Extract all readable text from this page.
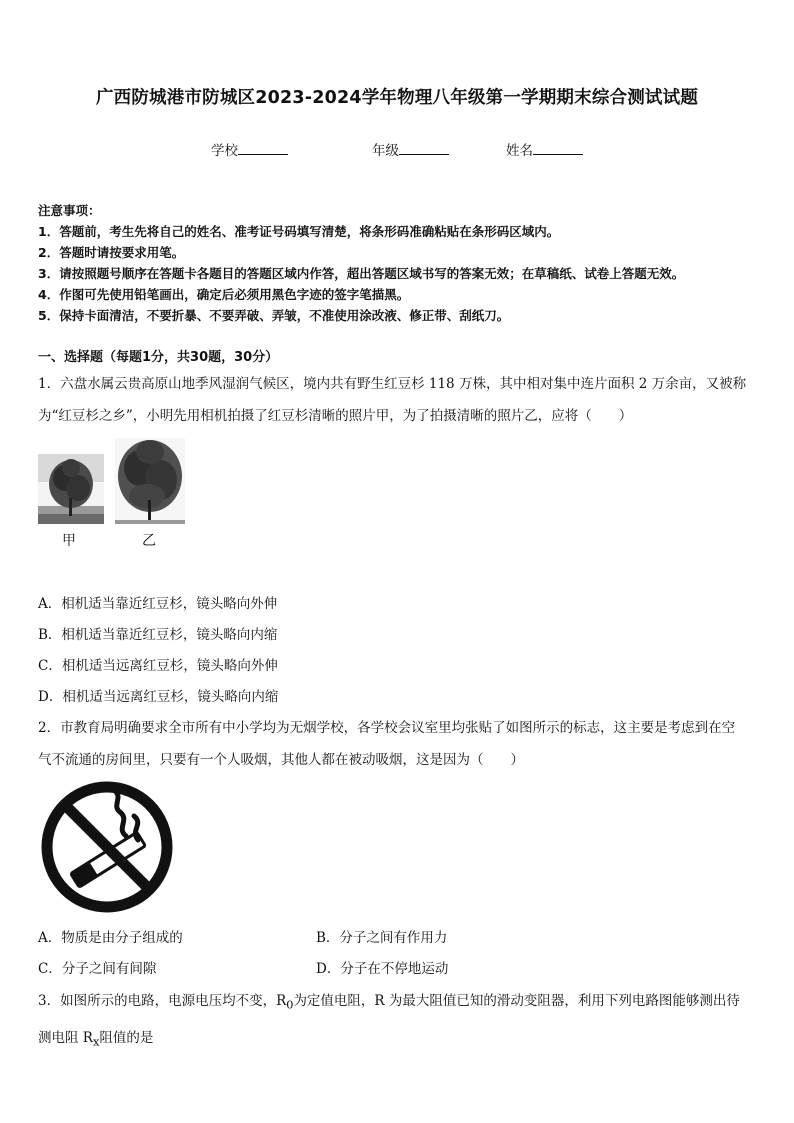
广西防城港市防城区2023-2024学年物理八年级第一学期期末综合测试试题
学校	年级	姓名
注意事项：
1．答题前，考生先将自己的姓名、准考证号码填写清楚，将条形码准确粘贴在条形码区域内。
2．答题时请按要求用笔。
3．请按照题号顺序在答题卡各题目的答题区域内作答，超出答题区域书写的答案无效；在草稿纸、试卷上答题无效。
4．作图可先使用铅笔画出，确定后必须用黑色字迹的签字笔描黑。
5．保持卡面清洁，不要折暴、不要弄破、弄皱，不准使用涂改液、修正带、刮纸刀。
一、选择题（每题1分，共30题，30分）
1．六盘水属云贵高原山地季风湿润气候区，境内共有野生红豆杉 118 万株，其中相对集中连片面积 2 万余亩，又被称
为“红豆杉之乡”，小明先用相机拍摄了红豆杉清晰的照片甲，为了拍摄清晰的照片乙，应将（　　）
甲	乙
A．相机适当靠近红豆杉，镜头略向外伸
B．相机适当靠近红豆杉，镜头略向内缩
C．相机适当远离红豆杉，镜头略向外伸
D．相机适当远离红豆杉，镜头略向内缩
2．市教育局明确要求全市所有中小学均为无烟学校，各学校会议室里均张贴了如图所示的标志，这主要是考虑到在空
气不流通的房间里，只要有一个人吸烟，其他人都在被动吸烟，这是因为（　　）
A．物质是由分子组成的	B．分子之间有作用力
C．分子之间有间隙	D．分子在不停地运动
3．如图所示的电路，电源电压均不变，$R_0$为定值电阻，R 为最大阻值已知的滑动变阻器，利用下列电路图能够测出待
测电阻 $R_x$阻值的是
